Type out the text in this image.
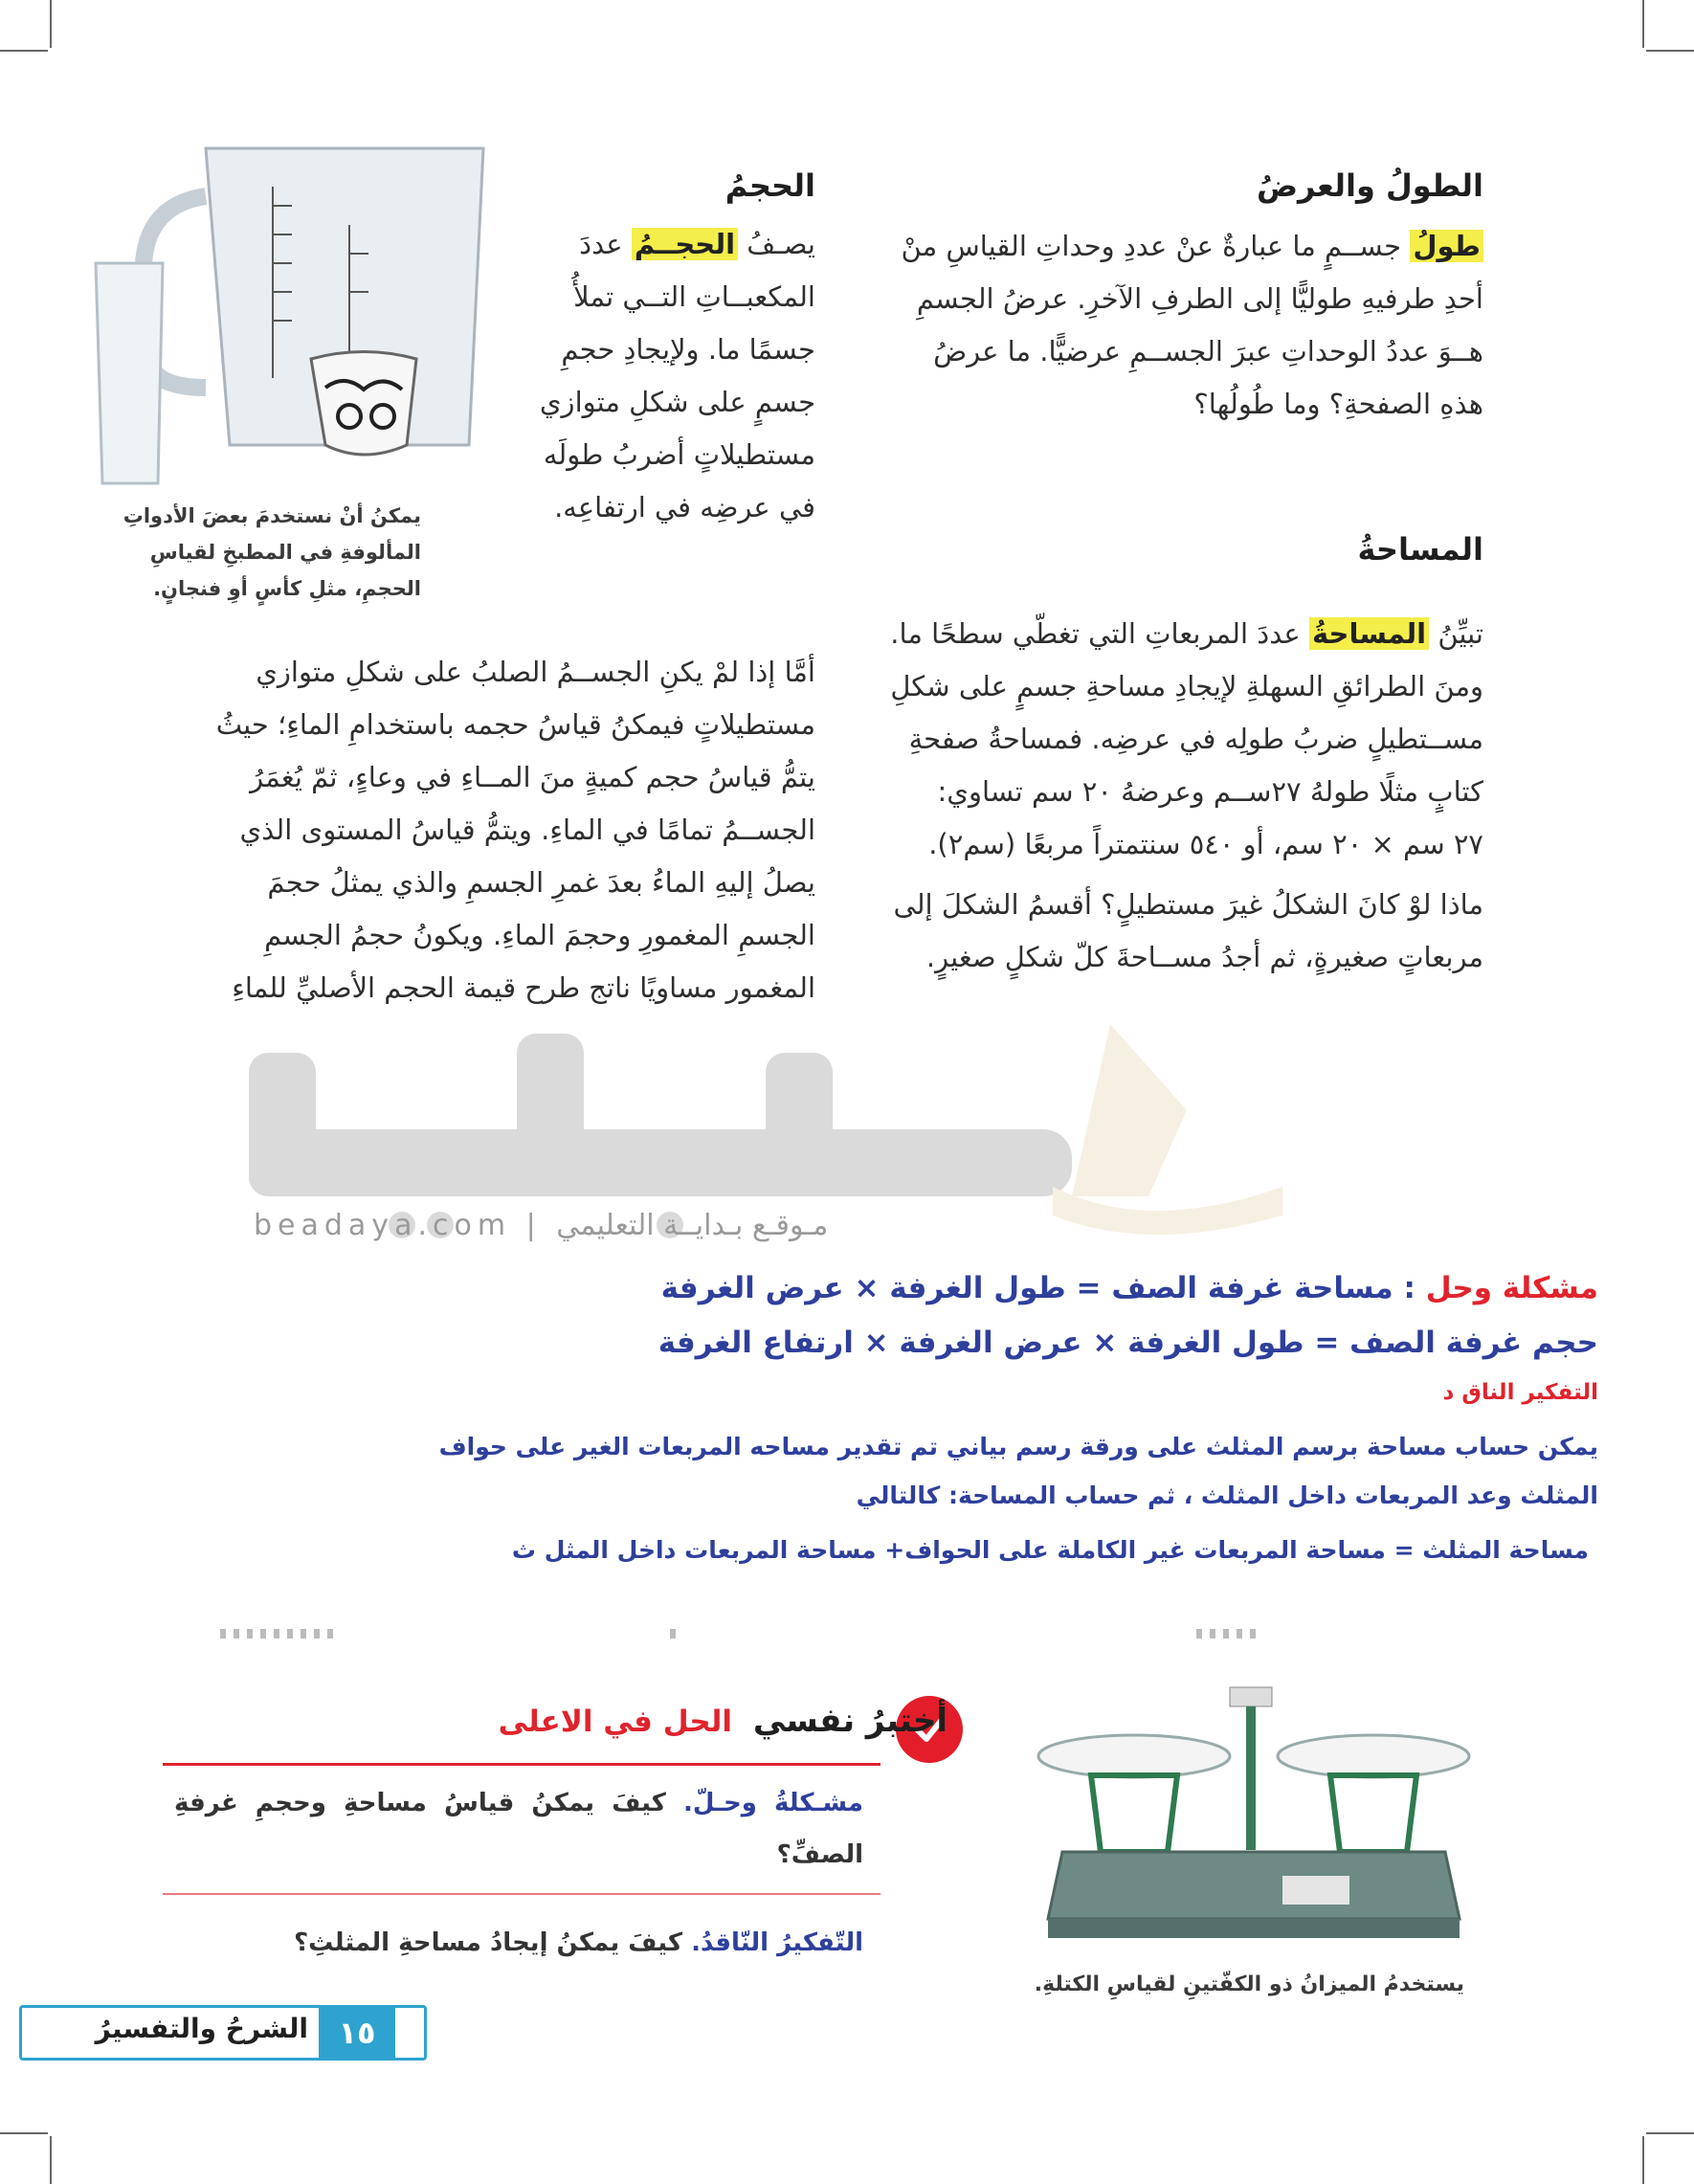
beadaya.com | مـوقـع بـدايــة التعليمي
الطولُ والعرضُ

طولُ جســمٍ ما عبارةٌ عنْ عددِ وحداتِ القياسِ منْ

أحدِ طرفيهِ طوليًّا إلى الطرفِ الآخرِ. عرضُ الجسمِ

هــوَ عددُ الوحداتِ عبرَ الجســمِ عرضيًّا. ما عرضُ

هذهِ الصفحةِ؟ وما طُولُها؟

المساحةُ

تبيِّنُ المساحةُ عددَ المربعاتِ التي تغطّي سطحًا ما.

ومنَ الطرائقِ السهلةِ لإيجادِ مساحةِ جسمٍ على شكلِ

مســتطيلٍ ضربُ طولِه في عرضِه. فمساحةُ صفحةِ

كتابٍ مثلًا طولهُ ٢٧ســم وعرضهُ ٢٠ سم تساوي:

٢٧ سم × ٢٠ سم، أو ٥٤٠ سنتمتراً مربعًا (سم٢).

ماذا لوْ كانَ الشكلُ غيرَ مستطيلٍ؟ أقسمُ الشكلَ إلى

مربعاتٍ صغيرةٍ، ثم أجدُ مســاحةَ كلّ شكلٍ صغيرٍ.

الحجمُ

يصـفُ الحجــمُ عددَ

المكعبــاتِ التــي تملأُ

جسمًا ما. ولإيجادِ حجمِ

جسمٍ على شكلِ متوازي

مستطيلاتٍ أضربُ طولَه

في عرضِه في ارتفاعِه.

أمَّا إذا لمْ يكنِ الجســمُ الصلبُ على شكلِ متوازي

مستطيلاتٍ فيمكنُ قياسُ حجمه باستخدامِ الماءِ؛ حيثُ

يتمُّ قياسُ حجم كميةٍ منَ المــاءِ في وعاءٍ، ثمّ يُغمَرُ

الجســمُ تمامًا في الماءِ. ويتمُّ قياسُ المستوى الذي

يصلُ إليهِ الماءُ بعدَ غمرِ الجسمِ والذي يمثلُ حجمَ

الجسمِ المغمورِ وحجمَ الماءِ. ويكونُ حجمُ الجسمِ

المغمور مساويًا ناتج طرح قيمة الحجم الأصليِّ للماءِ

يمكنُ أنْ نستخدمَ بعضَ الأدواتِ
المألوفةِ في المطبخِ لقياسِ
الحجمِ، مثلِ كأسٍ أوِ فنجانٍ.
مشكلة وحل : مساحة غرفة الصف = طول الغرفة × عرض الغرفة
حجم غرفة الصف = طول الغرفة × عرض الغرفة × ارتفاع الغرفة
التفكير الناق د
يمكن حساب مساحة برسم المثلث على ورقة رسم بياني تم تقدير مساحه المربعات الغير على حواف
المثلث وعد المربعات داخل المثلث ، ثم حساب المساحة: كالتالي
مساحة المثلث = مساحة المربعات غير الكاملة على الحواف+ مساحة المربعات داخل المثل ث
أختبرُ نفسي الحل في الاعلى
مشـكلةُ وحـلّ. كيفَ يمكنُ قياسُ مساحةِ وحجمِ غرفةِ الصفِّ؟
التّفكيرُ النّاقدُ. كيفَ يمكنُ إيجادُ مساحةِ المثلثِ؟
يستخدمُ الميزانُ ذو الكفّتينِ لقياسِ الكتلةِ.
الشرحُ والتفسيرُ ١٥
